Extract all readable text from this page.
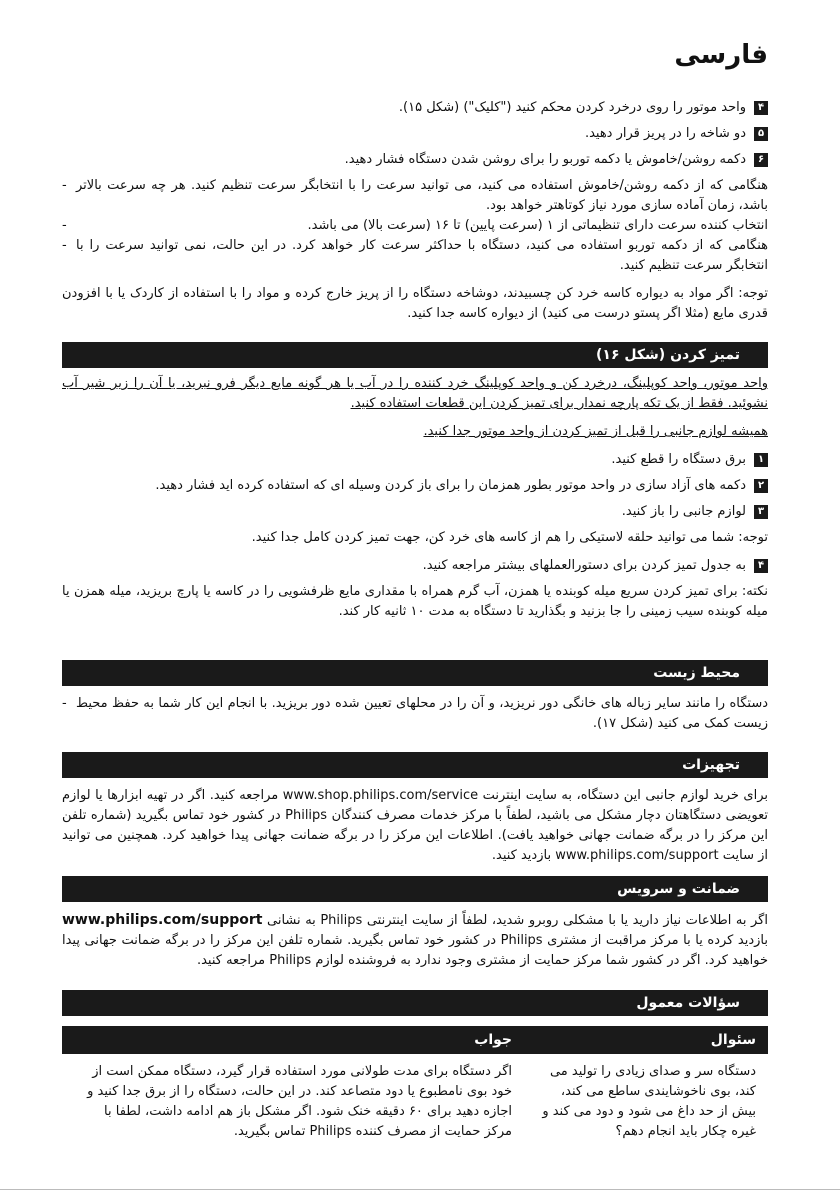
فارسی
۴
واحد موتور را روی درخرد کردن محکم کنید ("کلیک") (شکل ۱۵).
۵
دو شاخه را در پریز قرار دهید.
۶
دکمه روشن/خاموش یا دکمه توربو را برای روشن شدن دستگاه فشار دهید.
هنگامی که از دکمه روشن/خاموش استفاده می کنید، می توانید سرعت را با انتخابگر سرعت تنظیم کنید. هر چه سرعت بالاتر باشد، زمان آماده سازی مورد نیاز کوتاهتر خواهد بود. -
انتخاب کننده سرعت دارای تنظیماتی از ۱ (سرعت پایین) تا ۱۶ (سرعت بالا) می باشد. -
هنگامی که از دکمه توربو استفاده می کنید، دستگاه با حداکثر سرعت کار خواهد کرد. در این حالت، نمی توانید سرعت را با انتخابگر سرعت تنظیم کنید. -
توجه: اگر مواد به دیواره کاسه خرد کن چسبیدند، دوشاخه دستگاه را از پریز خارج کرده و مواد را با استفاده از کاردک یا با افزودن قدری مایع (مثلا اگر پستو درست می کنید) از دیواره کاسه جدا کنید.
تمیز کردن (شکل ۱۶)
واحد موتور، واحد کوپلینگ، درخرد کن و واحد کوپلینگ خرد کننده را در آب یا هر گونه مایع دیگر فرو نبرید، یا آن را زیر شیر آب نشوئید. فقط از یک تکه پارچه نمدار برای تمیز کردن این قطعات استفاده کنید.
همیشه لوازم جانبی را قبل از تمیز کردن از واحد موتور جدا کنید.
۱
برق دستگاه را قطع کنید.
۲
دکمه های آزاد سازی در واحد موتور بطور همزمان را برای باز کردن وسیله ای که استفاده کرده اید فشار دهید.
۳
لوازم جانبی را باز کنید.
توجه: شما می توانید حلقه لاستیکی را هم از کاسه های خرد کن، جهت تمیز کردن کامل جدا کنید.
۴
به جدول تمیز کردن برای دستورالعملهای بیشتر مراجعه کنید.
نکته: برای تمیز کردن سریع میله کوبنده یا همزن، آب گرم همراه با مقداری مایع ظرفشویی را در کاسه یا پارچ بریزید، میله همزن یا میله کوبنده سیب زمینی را جا بزنید و بگذارید تا دستگاه به مدت ۱۰ ثانیه کار کند.
محیط زیست
دستگاه را مانند سایر زباله های خانگی دور نریزید، و آن را در محلهای تعیین شده دور بریزید. با انجام این کار شما به حفظ محیط زیست کمک می کنید (شکل ۱۷). -
تجهیزات
برای خرید لوازم جانبی این دستگاه، به سایت اینترنت www.shop.philips.com/service مراجعه کنید. اگر در تهیه ابزارها یا لوازم تعویضی دستگاهتان دچار مشکل می باشید، لطفاً با مرکز خدمات مصرف کنندگان Philips در کشور خود تماس بگیرید (شماره تلفن این مرکز را در برگه ضمانت جهانی خواهید یافت). اطلاعات این مرکز را در برگه ضمانت جهانی پیدا خواهید کرد. همچنین می توانید از سایت www.philips.com/support بازدید کنید.
ضمانت و سرویس
اگر به اطلاعات نیاز دارید یا با مشکلی روبرو شدید، لطفاً از سایت اینترنتی Philips به نشانی www.philips.com/support بازدید کرده یا با مرکز مراقبت از مشتری Philips در کشور خود تماس بگیرید. شماره تلفن این مرکز را در برگه ضمانت جهانی پیدا خواهید کرد. اگر در کشور شما مرکز حمایت از مشتری وجود ندارد به فروشنده لوازم Philips مراجعه کنید.
سؤالات معمول
سئوال	جواب
دستگاه سر و صدای زیادی را تولید می کند، بوی ناخوشایندی ساطع می کند، بیش از حد داغ می شود و دود می کند و غیره چکار باید انجام دهم؟	اگر دستگاه برای مدت طولانی مورد استفاده قرار گیرد، دستگاه ممکن است از خود بوی نامطبوع یا دود متصاعد کند. در این حالت، دستگاه را از برق جدا کنید و اجازه دهید برای ۶۰ دقیقه خنک شود. اگر مشکل باز هم ادامه داشت، لطفا با مرکز حمایت از مصرف کننده Philips تماس بگیرید.
